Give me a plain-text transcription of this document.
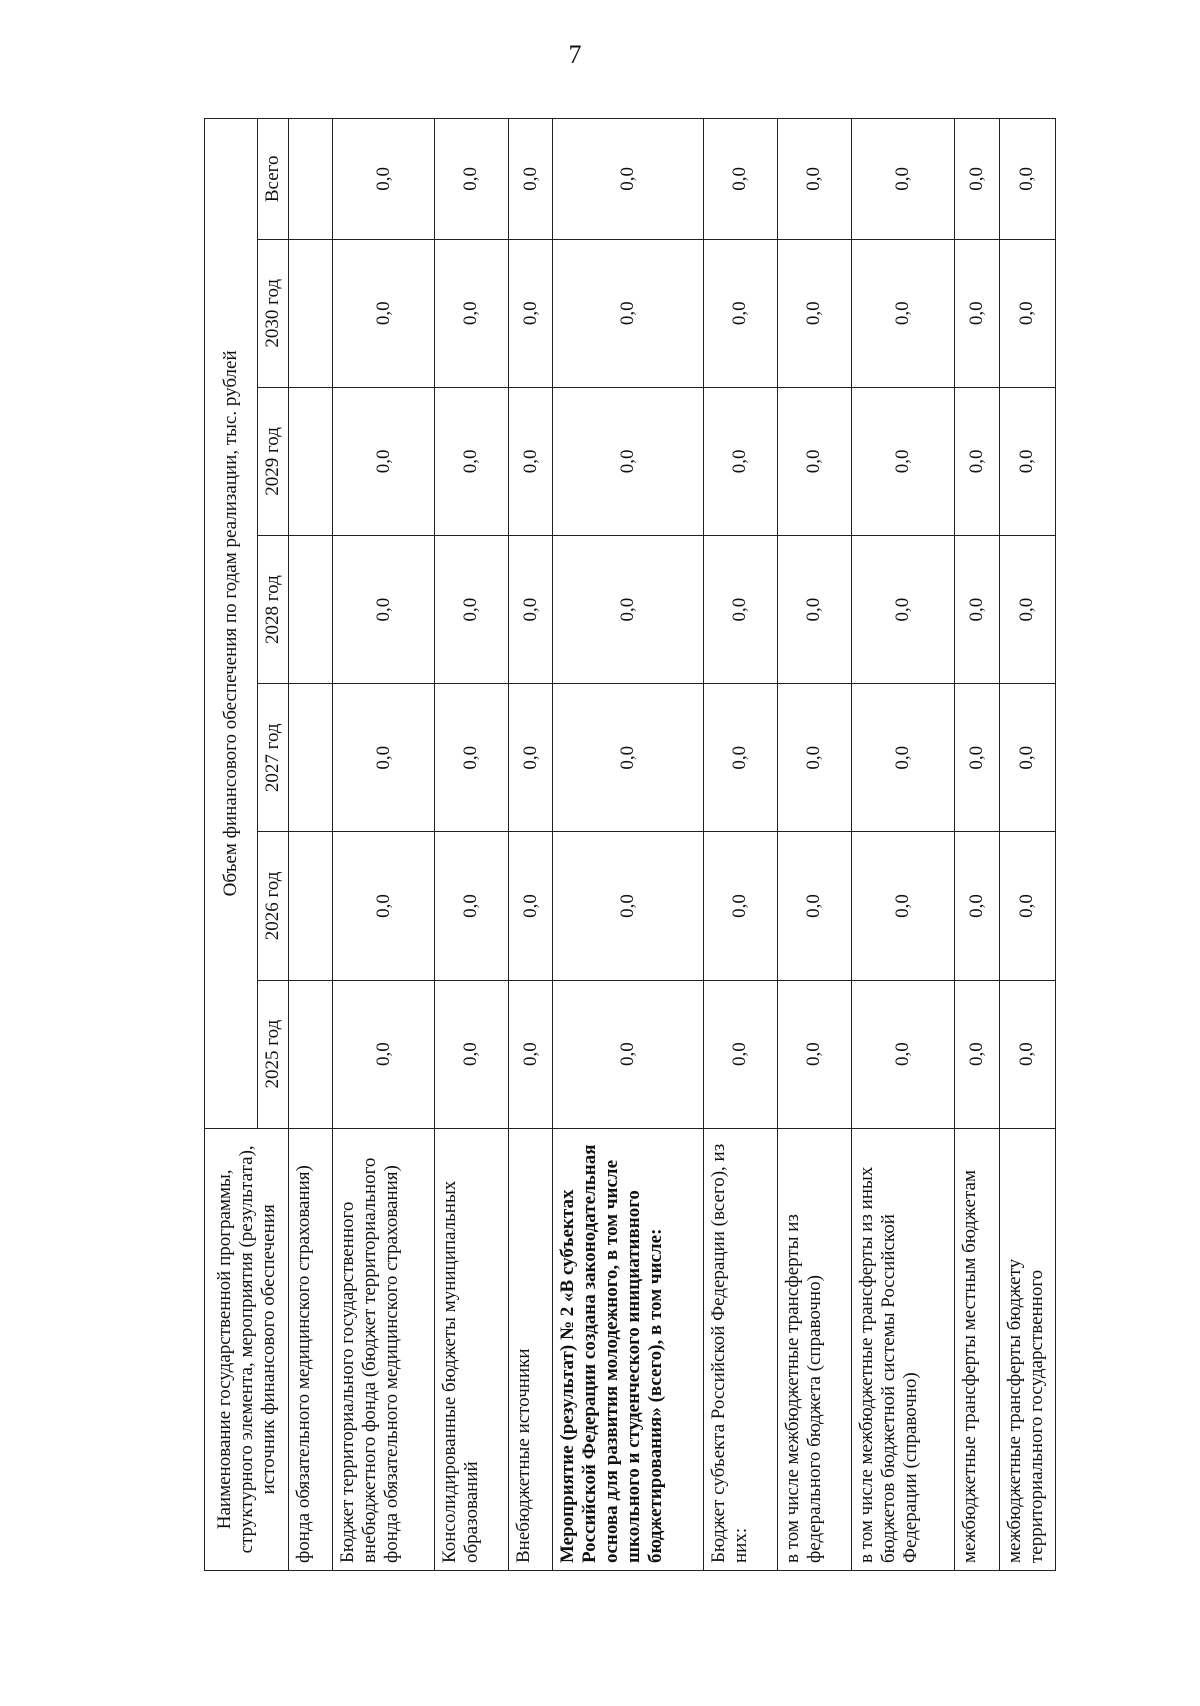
7
Наименование государственной программы, структурного элемента, мероприятия (результата), источник финансового обеспечения	Объем финансового обеспечения по годам реализации, тыс. рублей						
	2025 год	2026 год	2027 год	2028 год	2029 год	2030 год	Всего
фонда обязательного медицинского страхования)							
Бюджет территориального государственного внебюджетного фонда (бюджет территориального фонда обязательного медицинского страхования)	0,0	0,0	0,0	0,0	0,0	0,0	0,0
Консолидированные бюджеты муниципальных образований	0,0	0,0	0,0	0,0	0,0	0,0	0,0
Внебюджетные источники	0,0	0,0	0,0	0,0	0,0	0,0	0,0
Мероприятие (результат) № 2 «В субъектах Российской Федерации создана законодательная основа для развития молодежного, в том числе школьного и студенческого инициативного бюджетирования» (всего), в том числе:	0,0	0,0	0,0	0,0	0,0	0,0	0,0
Бюджет субъекта Российской Федерации (всего), из них:	0,0	0,0	0,0	0,0	0,0	0,0	0,0
в том числе межбюджетные трансферты из федерального бюджета (справочно)	0,0	0,0	0,0	0,0	0,0	0,0	0,0
в том числе межбюджетные трансферты из иных бюджетов бюджетной системы Российской Федерации (справочно)	0,0	0,0	0,0	0,0	0,0	0,0	0,0
межбюджетные трансферты местным бюджетам	0,0	0,0	0,0	0,0	0,0	0,0	0,0
межбюджетные трансферты бюджету территориального государственного	0,0	0,0	0,0	0,0	0,0	0,0	0,0
